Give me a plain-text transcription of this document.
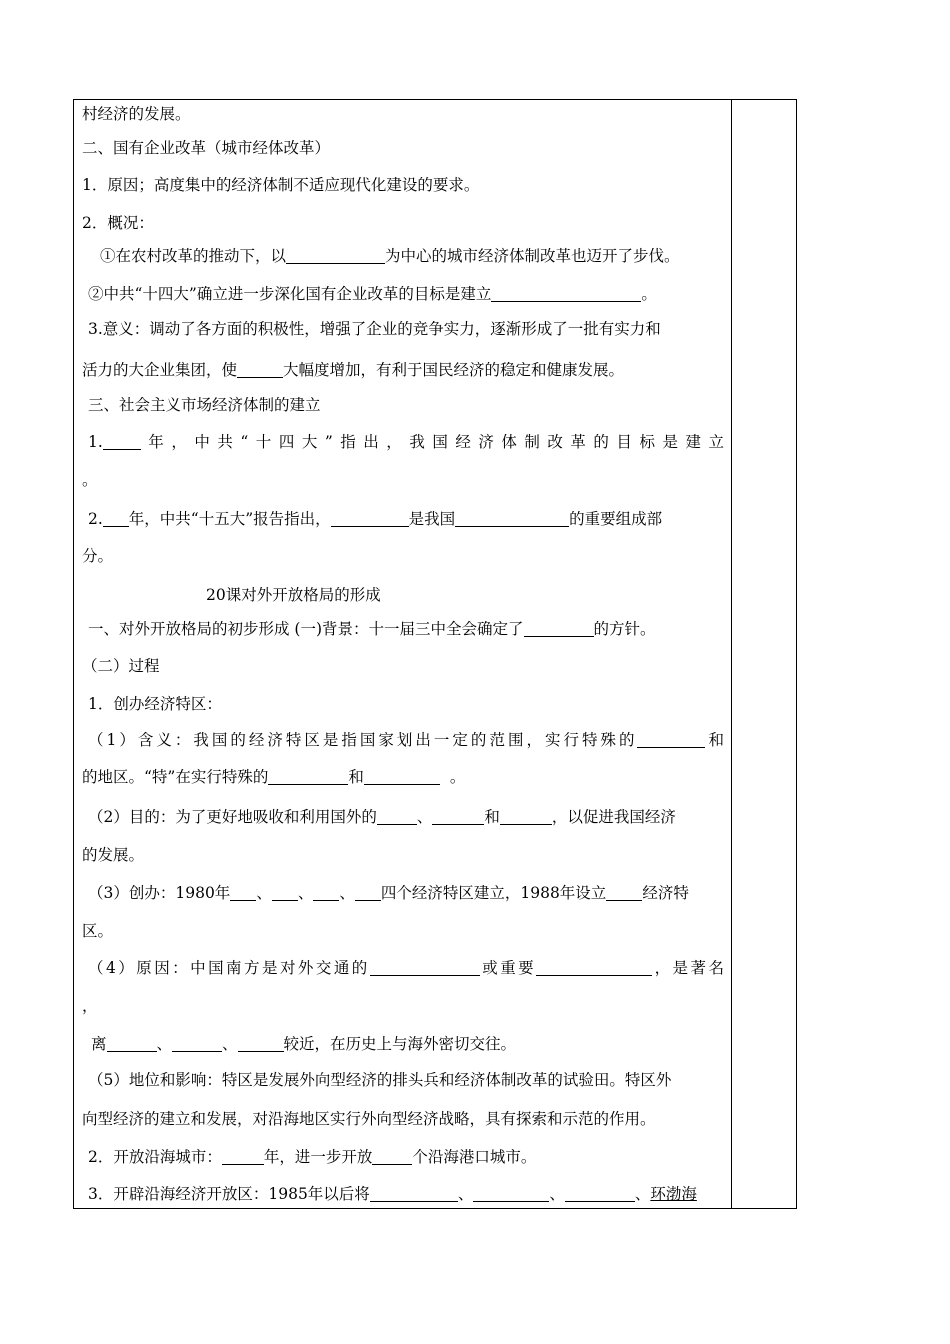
村经济的发展。
二、国有企业改革（城市经体改革）
1．原因；高度集中的经济体制不适应现代化建设的要求。
2．概况：
①在农村改革的推动下，以	为中心的城市经济体制改革也迈开了步伐。
②中共“十四大”确立进一步深化国有企业改革的目标是建立	。
3.意义：调动了各方面的积极性，增强了企业的竞争实力，逐渐形成了一批有实力和
活力的大企业集团，使	大幅度增加，有利于国民经济的稳定和健康发展。
三、社会主义市场经济体制的建立
1. 年，中共“十四大”指出，我国经济体制改革的目标是建立
。
2. 年，中共“十五大”报告指出，	是我国	的重要组成部
分。
20课对外开放格局的形成
一、对外开放格局的初步形成 (一)背景：十一届三中全会确定了	的方针。
（二）过程
1．创办经济特区：
（1）含义：我国的经济特区是指国家划出一定的范围，实行特殊的	和
的地区。“特”在实行特殊的	和	。
（2）目的：为了更好地吸收和利用国外的	、	和	，以促进我国经济
的发展。
（3）创办：1980年 、 、 、 四个经济特区建立，1988年设立 经济特
区。
（4）原因：中国南方是对外交通的	或重要	，是著名
，
离	、	、	较近，在历史上与海外密切交往。
（5）地位和影响：特区是发展外向型经济的排头兵和经济体制改革的试验田。特区外
向型经济的建立和发展，对沿海地区实行外向型经济战略，具有探索和示范的作用。
2．开放沿海城市：	年，进一步开放	个沿海港口城市。
3．开辟沿海经济开放区：1985年以后将	、	、	、环渤海
